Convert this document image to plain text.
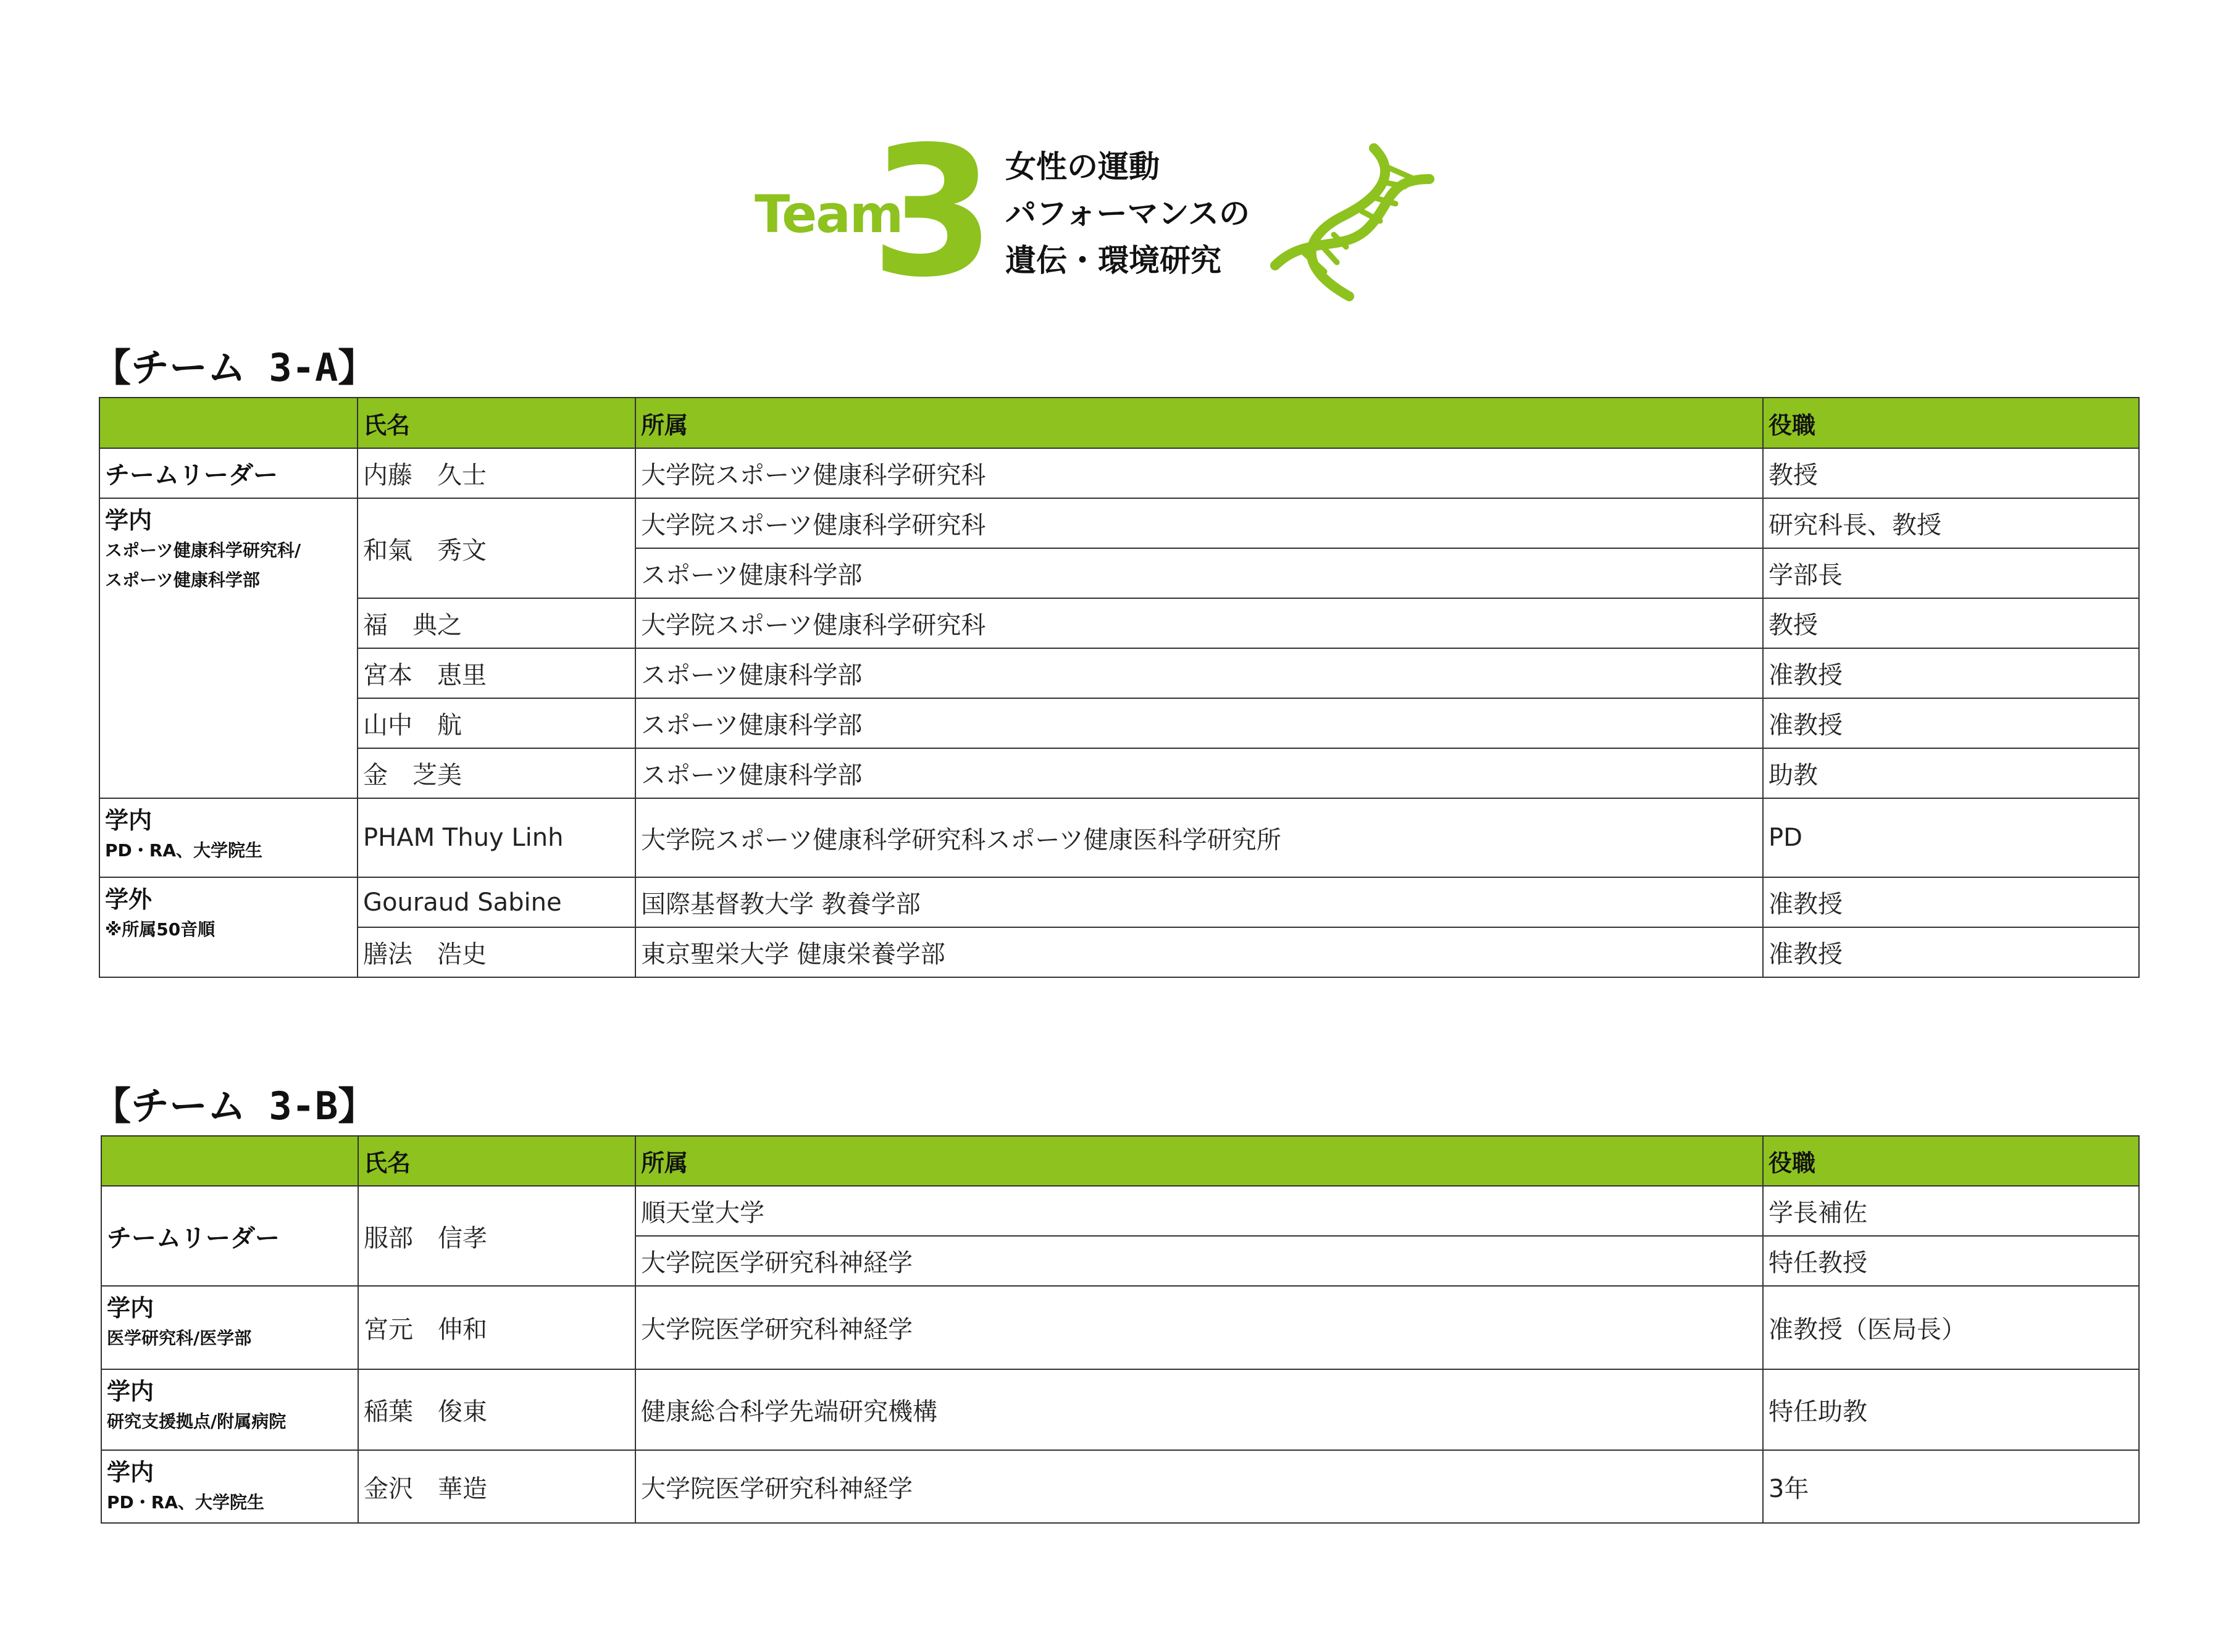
Team
3 女性の運動
パフォーマンスの
遺伝・環境研究
【チーム 3-A】
	氏名	所属	役職
チームリーダー	内藤　久士	大学院スポーツ健康科学研究科	教授

学内
スポーツ健康科学研究科/
スポーツ健康科学部	和氣　秀文	大学院スポーツ健康科学研究科	研究科長、教授
		スポーツ健康科学部	学部長
	福　典之	大学院スポーツ健康科学研究科	教授
	宮本　恵里	スポーツ健康科学部	准教授
	山中　航	スポーツ健康科学部	准教授
	金　芝美	スポーツ健康科学部	助教

学内
PD・RA、大学院生	PHAM Thuy Linh	大学院スポーツ健康科学研究科スポーツ健康医科学研究所	PD

学外
※所属50音順	Gouraud Sabine	国際基督教大学 教養学部	准教授
	膳法　浩史	東京聖栄大学 健康栄養学部	准教授
【チーム 3-B】
	氏名	所属	役職
チームリーダー	服部　信孝	順天堂大学	学長補佐
		大学院医学研究科神経学	特任教授

学内
医学研究科/医学部	宮元　伸和	大学院医学研究科神経学	准教授（医局長）

学内
研究支援拠点/附属病院	稲葉　俊東	健康総合科学先端研究機構	特任助教

学内
PD・RA、大学院生	金沢　華造	大学院医学研究科神経学	3年
